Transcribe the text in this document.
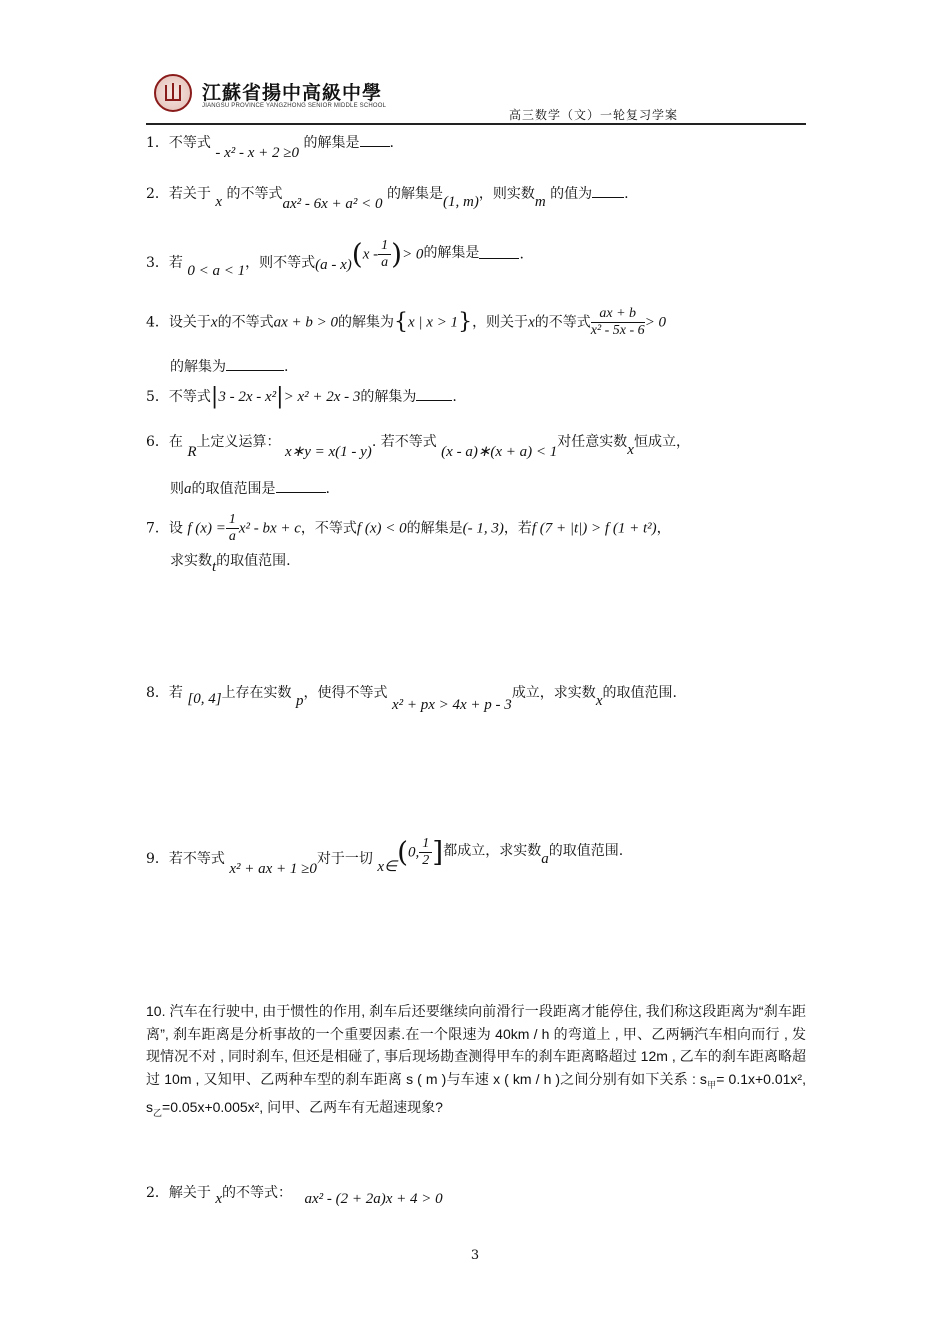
江蘇省揚中高級中學
JIANGSU PROVINCE YANGZHONG SENIOR MIDDLE SCHOOL
高三数学（文）一轮复习学案
1．不等式 - x² - x + 2 ≥0 的解集是 .
2．若关于 x 的不等式ax² - 6x + a² < 0 的解集是(1, m)，则实数m 的值为 .
3．若 0 < a < 1，则不等式$(a - x)(x - \frac{1}{a}$ )> 0的解集是	.
4．设关于x的不等式ax + b > 0的解集为{x | x > 1}，则关于x的不等式 $\frac{ax + b}{\text{x² - 5x - 6}} > 0$
的解集为	.
5．不等式|3 - 2x - x²|> x² + 2x - 3的解集为	.
6．在 R上定义运算： x∗y = x(1 - y). 若不等式 (x - a)∗(x + a) < 1对任意实数x恒成立，
则a的取值范围是	.
7．设 f $(x) = \frac{1}{a} x^2$ - bx + c，不等式f (x) < 0的解集是(- 1, 3)，若f (7 + |t|) > f (1 + t²)，
求实数t的取值范围.
8．若 [0, 4]上存在实数 p，使得不等式 x² + px > 4x + p - 3成立，求实数x的取值范围.
9．若不等式 x² + ax + 1 ≥0对于一切 x∈(0, $\frac{1}{2}$ ]都成立，求实数a的取值范围.
10. 汽车在行驶中, 由于惯性的作用, 刹车后还要继续向前滑行一段距离才能停住, 我们称这段距离为“刹车距离”, 刹车距离是分析事故的一个重要因素.在一个限速为 40km / h 的弯道上 , 甲、乙两辆汽车相向而行 , 发现情况不对 , 同时刹车, 但还是相碰了, 事后现场勘查测得甲车的刹车距离略超过 12m , 乙车的刹车距离略超过 10m , 又知甲、乙两种车型的刹车距离 s ( m )与车速 x ( km / h )之间分别有如下关系 : $s_甲= 0.1x+0.01x^2$, $s_乙=0.05x+0.005x^2$, 问甲、乙两车有无超速现象?
2．解关于 x的不等式： ax² - (2 + 2a)x + 4 > 0
3
